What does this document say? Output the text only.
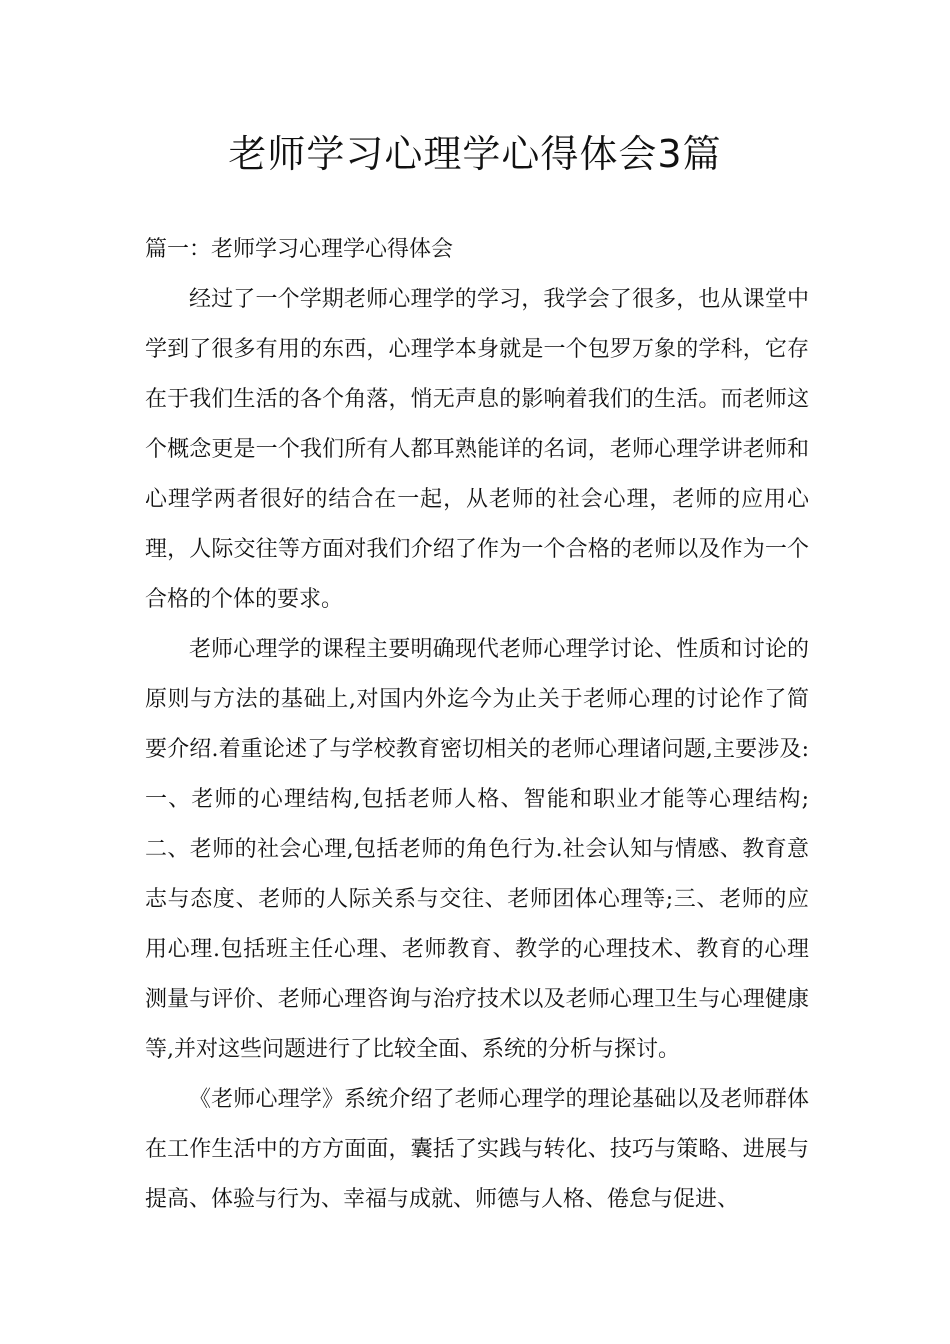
老师学习心理学心得体会3篇

篇一：老师学习心理学心得体会

经过了一个学期老师心理学的学习，我学会了很多，也从课堂中学到了很多有用的东西，心理学本身就是一个包罗万象的学科，它存在于我们生活的各个角落，悄无声息的影响着我们的生活。而老师这个概念更是一个我们所有人都耳熟能详的名词，老师心理学讲老师和心理学两者很好的结合在一起，从老师的社会心理，老师的应用心理，人际交往等方面对我们介绍了作为一个合格的老师以及作为一个合格的个体的要求。

老师心理学的课程主要明确现代老师心理学讨论、性质和讨论的原则与方法的基础上,对国内外迄今为止关于老师心理的讨论作了简要介绍.着重论述了与学校教育密切相关的老师心理诸问题,主要涉及:一、老师的心理结构,包括老师人格、智能和职业才能等心理结构;二、老师的社会心理,包括老师的角色行为.社会认知与情感、教育意志与态度、老师的人际关系与交往、老师团体心理等;三、老师的应用心理.包括班主任心理、老师教育、教学的心理技术、教育的心理测量与评价、老师心理咨询与治疗技术以及老师心理卫生与心理健康等,并对这些问题进行了比较全面、系统的分析与探讨。

《老师心理学》系统介绍了老师心理学的理论基础以及老师群体在工作生活中的方方面面，囊括了实践与转化、技巧与策略、进展与提高、体验与行为、幸福与成就、师德与人格、倦怠与促进、
